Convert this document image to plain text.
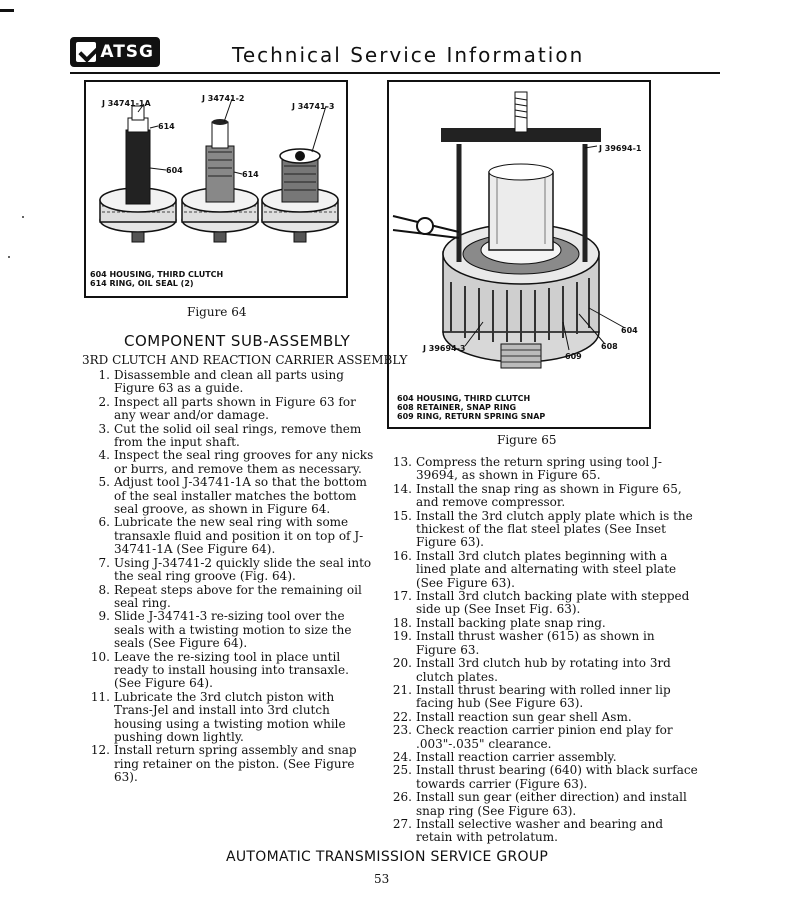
ATSG	Technical Service Information
J 34741-1A
J 34741-2
J 34741-3
614
604	614
604 HOUSING, THIRD CLUTCH
614 RING, OIL SEAL (2)
Figure 64
J 39694-1
J 39694-3
604
608
609
604 HOUSING, THIRD CLUTCH
608 RETAINER, SNAP RING
609 RING, RETURN SPRING SNAP
Figure 65
COMPONENT SUB-ASSEMBLY
3RD CLUTCH AND REACTION CARRIER ASSEMBLY
1. Disassemble and clean all parts using Figure 63 as a guide.
2. Inspect all parts shown in Figure 63 for any wear and/or damage.
3. Cut the solid oil seal rings, remove them from the input shaft.
4. Inspect the seal ring grooves for any nicks or burrs, and remove them as necessary.
5. Adjust tool J-34741-1A so that the bottom of the seal installer matches the bottom seal groove, as shown in Figure 64.
6. Lubricate the new seal ring with some transaxle fluid and position it on top of J-34741-1A (See Figure 64).
7. Using J-34741-2 quickly slide the seal into the seal ring groove (Fig. 64).
8. Repeat steps above for the remaining oil seal ring.
9. Slide J-34741-3 re-sizing tool over the seals with a twisting motion to size the seals (See Figure 64).
10. Leave the re-sizing tool in place until ready to install housing into transaxle. (See Figure 64).
11. Lubricate the 3rd clutch piston with Trans-Jel and install into 3rd clutch housing using a twisting motion while pushing down lightly.
12. Install return spring assembly and snap ring retainer on the piston. (See Figure 63).
13. Compress the return spring using tool J-39694, as shown in Figure 65.
14. Install the snap ring as shown in Figure 65, and remove compressor.
15. Install the 3rd clutch apply plate which is the thickest of the flat steel plates (See Inset Figure 63).
16. Install 3rd clutch plates beginning with a lined plate and alternating with steel plate (See Figure 63).
17. Install 3rd clutch backing plate with stepped side up (See Inset Fig. 63).
18. Install backing plate snap ring.
19. Install thrust washer (615) as shown in Figure 63.
20. Install 3rd clutch hub by rotating into 3rd clutch plates.
21. Install thrust bearing with rolled inner lip facing hub (See Figure 63).
22. Install reaction sun gear shell Asm.
23. Check reaction carrier pinion end play for .003"-.035" clearance.
24. Install reaction carrier assembly.
25. Install thrust bearing (640) with black surface towards carrier (Figure 63).
26. Install sun gear (either direction) and install snap ring (See Figure 63).
27. Install selective washer and bearing and retain with petrolatum.
AUTOMATIC TRANSMISSION SERVICE GROUP
53
